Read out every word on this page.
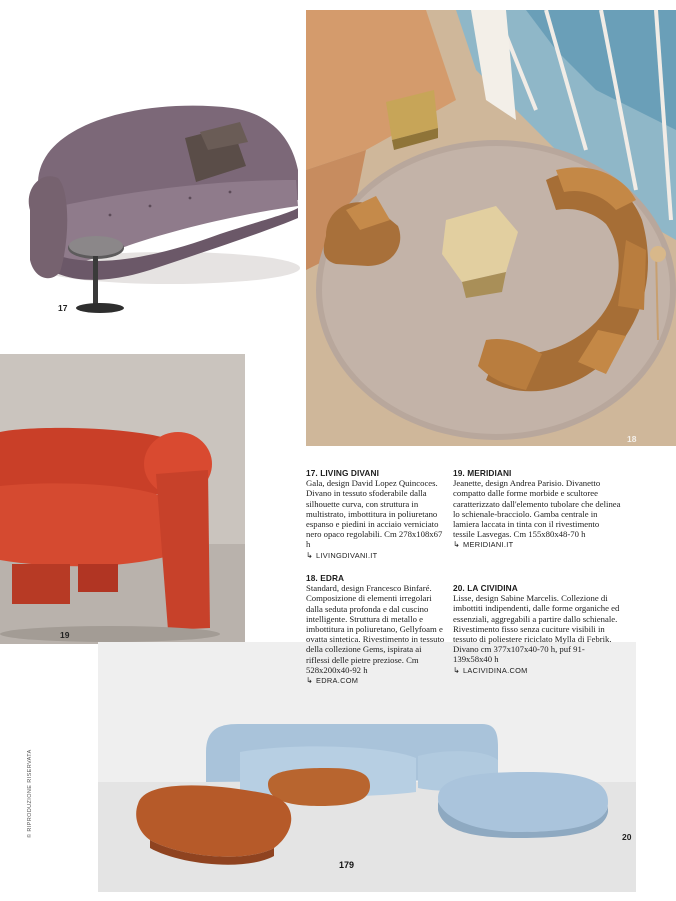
17
18
19
20
17. LIVING DIVANI
Gala, design David Lopez Quincoces. Divano in tessuto sfoderabile dalla silhouette curva, con struttura in multistrato, imbottitura in poliuretano espanso e piedini in acciaio verniciato nero opaco regolabili. Cm 278x108x67 h
↳ LIVINGDIVANI.IT
18. EDRA
Standard, design Francesco Binfaré. Composizione di elementi irregolari dalla seduta profonda e dal cuscino intelligente. Struttura di metallo e imbottitura in poliuretano, Gellyfoam e ovatta sintetica. Rivestimento in tessuto della collezione Gems, ispirata ai riflessi delle pietre preziose. Cm 528x200x40-92 h
↳ EDRA.COM
19. MERIDIANI
Jeanette, design Andrea Parisio. Divanetto compatto dalle forme morbide e scultoree caratterizzato dall'elemento tubolare che delinea lo schienale-bracciolo. Gamba centrale in lamiera laccata in tinta con il rivestimento tessile Lasvegas. Cm 155x80x48-70 h
↳ MERIDIANI.IT
20. LA CIVIDINA
Lisse, design Sabine Marcelis. Collezione di imbottiti indipendenti, dalle forme organiche ed essenziali, aggregabili a partire dallo schienale. Rivestimento fisso senza cuciture visibili in tessuto di poliestere riciclato Mylla di Febrik. Divano cm 377x107x40-70 h, puf 91-139x58x40 h
↳ LACIVIDINA.COM
© RIPRODUZIONE RISERVATA
179
